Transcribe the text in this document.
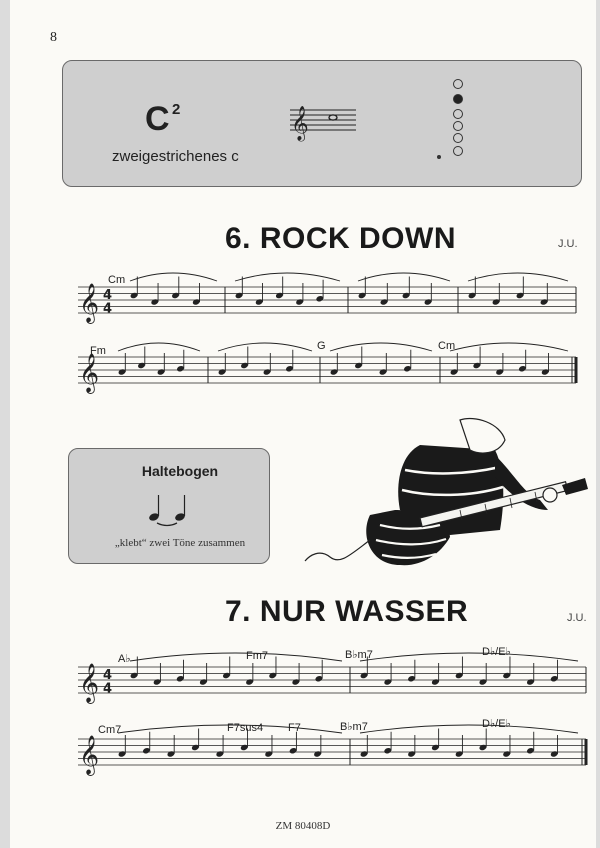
8
C 2
zweigestrichenes c
𝄞
6. ROCK DOWN	J.U.
Cm
Fm	G	Cm
Haltebogen
„klebt“ zwei Töne zusammen
7. NUR WASSER	J.U.
A♭	Fm7	B♭m7	D♭/E♭
Cm7	F7sus4 F7	B♭m7	D♭/E♭
𝄞 4
4
𝄞
𝄞 4
4
𝄞
ZM 80408D
